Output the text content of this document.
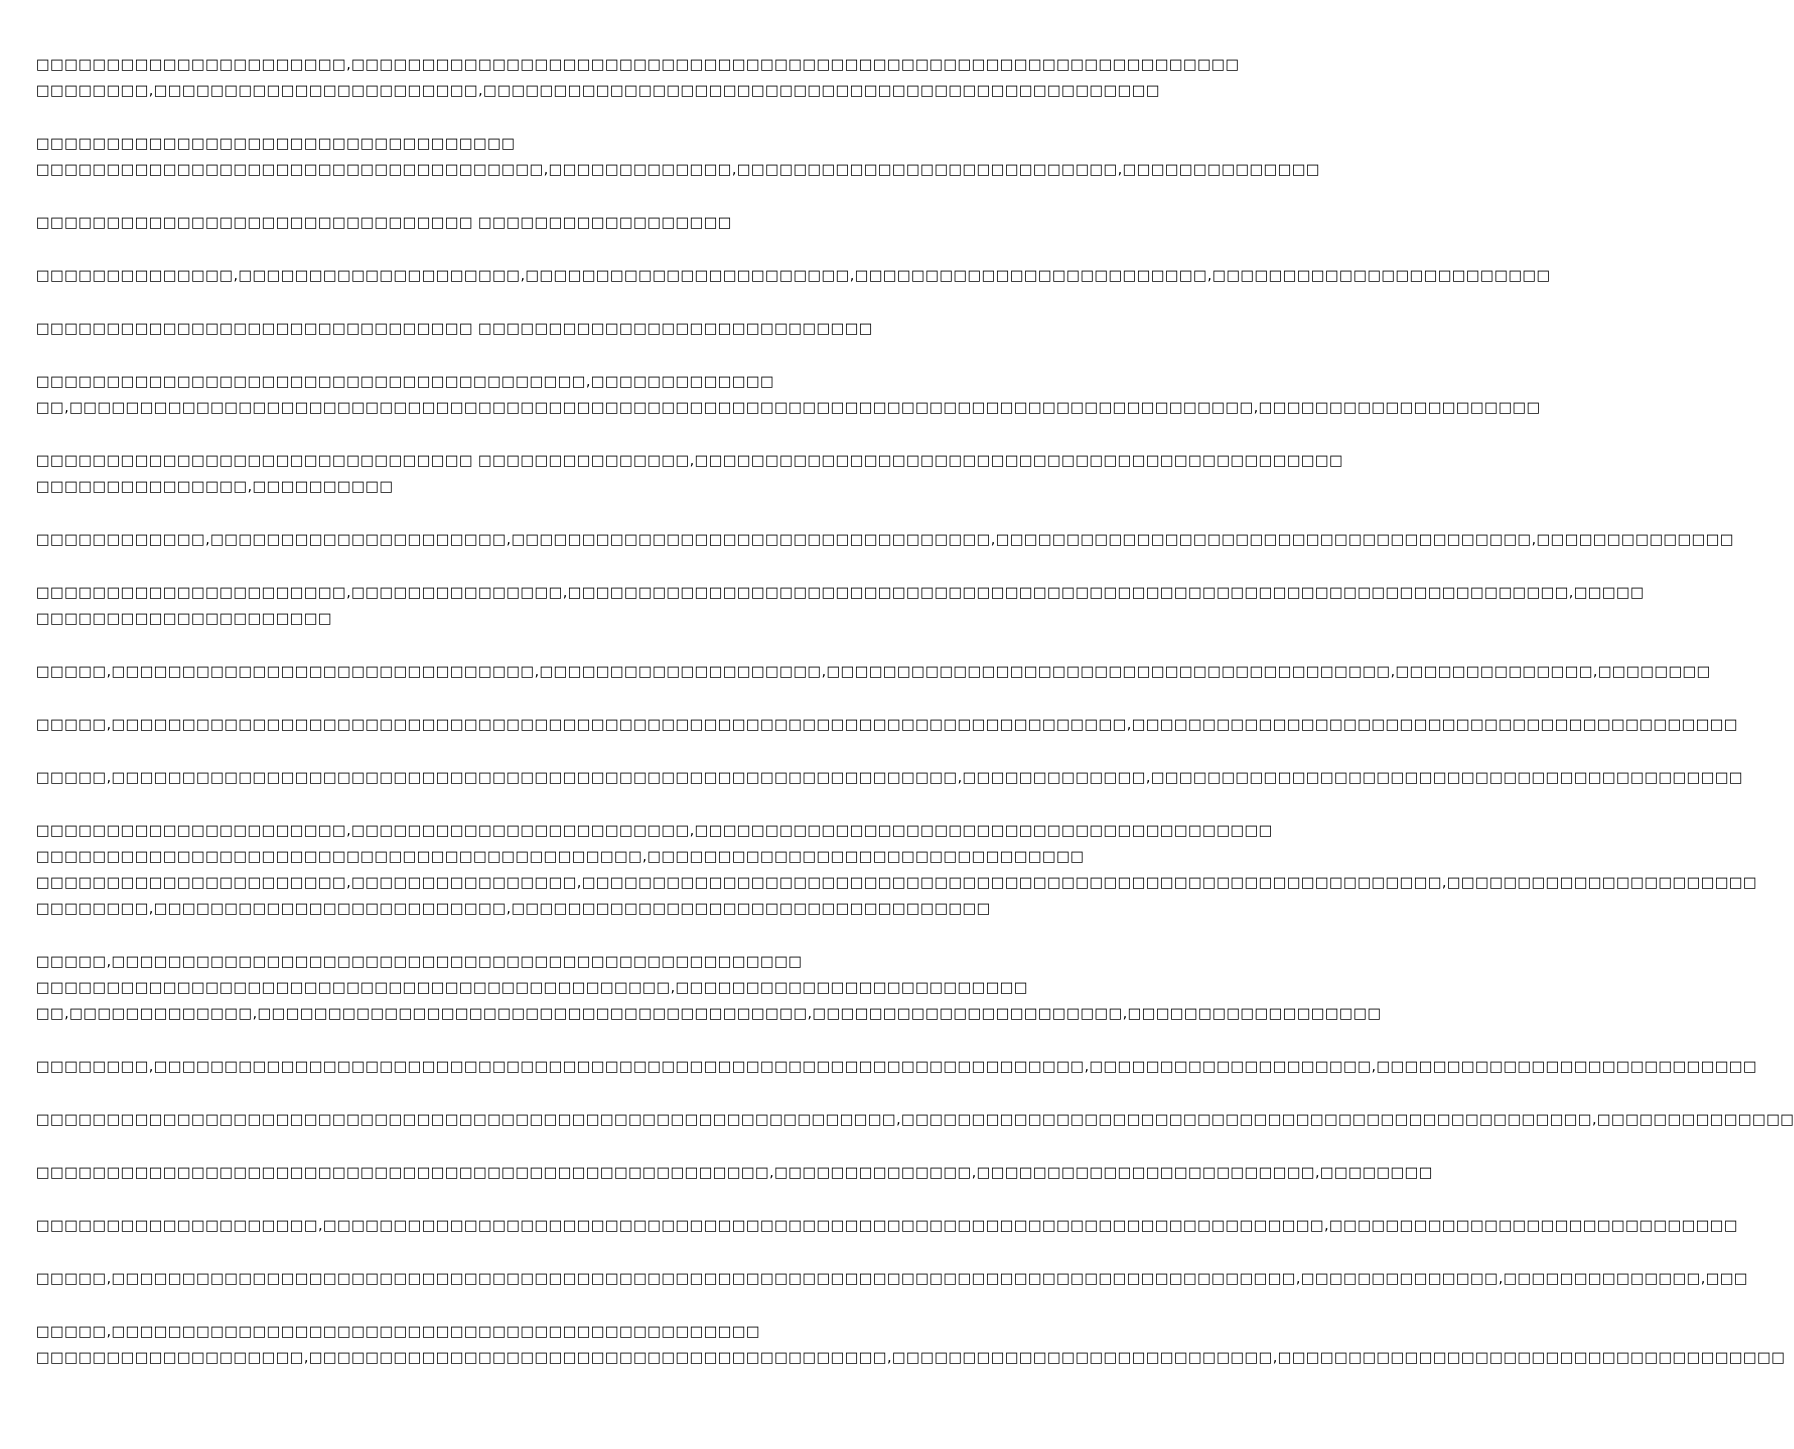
□□□□□□□□□□□□□□□□□□□□□□,□□□□□□□□□□□□□□□□□□□□□□□□□□□□□□□□□□□□□□□□□□□□□□□□□□□□□□□□□□□□□□□
□□□□□□□□,□□□□□□□□□□□□□□□□□□□□□□□,□□□□□□□□□□□□□□□□□□□□□□□□□□□□□□□□□□□□□□□□□□□□□□□□
□□□□□□□□□□□□□□□□□□□□□□□□□□□□□□□□□□
□□□□□□□□□□□□□□□□□□□□□□□□□□□□□□□□□□□□,□□□□□□□□□□□□□,□□□□□□□□□□□□□□□□□□□□□□□□□□□,□□□□□□□□□□□□□□
□□□□□□□□□□□□□□□□□□□□□□□□□□□□□□□ □□□□□□□□□□□□□□□□□□
□□□□□□□□□□□□□□,□□□□□□□□□□□□□□□□□□□□,□□□□□□□□□□□□□□□□□□□□□□□,□□□□□□□□□□□□□□□□□□□□□□□□□,□□□□□□□□□□□□□□□□□□□□□□□□
□□□□□□□□□□□□□□□□□□□□□□□□□□□□□□□ □□□□□□□□□□□□□□□□□□□□□□□□□□□□
□□□□□□□□□□□□□□□□□□□□□□□□□□□□□□□□□□□□□□□,□□□□□□□□□□□□□
□□,□□□□□□□□□□□□□□□□□□□□□□□□□□□□□□□□□□□□□□□□□□□□□□□□□□□□□□□□□□□□□□□□□□□□□□□□□□□□□□□□□□□□,□□□□□□□□□□□□□□□□□□□□
□□□□□□□□□□□□□□□□□□□□□□□□□□□□□□□ □□□□□□□□□□□□□□□,□□□□□□□□□□□□□□□□□□□□□□□□□□□□□□□□□□□□□□□□□□□□□□
□□□□□□□□□□□□□□□,□□□□□□□□□□
□□□□□□□□□□□□,□□□□□□□□□□□□□□□□□□□□□,□□□□□□□□□□□□□□□□□□□□□□□□□□□□□□□□□□,□□□□□□□□□□□□□□□□□□□□□□□□□□□□□□□□□□□□□□,□□□□□□□□□□□□□□
□□□□□□□□□□□□□□□□□□□□□□,□□□□□□□□□□□□□□□,□□□□□□□□□□□□□□□□□□□□□□□□□□□□□□□□□□□□□□□□□□□□□□□□□□□□□□□□□□□□□□□□□□□□□□□,□□□□□
□□□□□□□□□□□□□□□□□□□□□
□□□□□,□□□□□□□□□□□□□□□□□□□□□□□□□□□□□□,□□□□□□□□□□□□□□□□□□□□,□□□□□□□□□□□□□□□□□□□□□□□□□□□□□□□□□□□□□□□□,□□□□□□□□□□□□□□,□□□□□□□□
□□□□□,□□□□□□□□□□□□□□□□□□□□□□□□□□□□□□□□□□□□□□□□□□□□□□□□□□□□□□□□□□□□□□□□□□□□□□□□,□□□□□□□□□□□□□□□□□□□□□□□□□□□□□□□□□□□□□□□□□□□
□□□□□,□□□□□□□□□□□□□□□□□□□□□□□□□□□□□□□□□□□□□□□□□□□□□□□□□□□□□□□□□□□□,□□□□□□□□□□□□□,□□□□□□□□□□□□□□□□□□□□□□□□□□□□□□□□□□□□□□□□□□
□□□□□□□□□□□□□□□□□□□□□□,□□□□□□□□□□□□□□□□□□□□□□□□,□□□□□□□□□□□□□□□□□□□□□□□□□□□□□□□□□□□□□□□□□
□□□□□□□□□□□□□□□□□□□□□□□□□□□□□□□□□□□□□□□□□□□,□□□□□□□□□□□□□□□□□□□□□□□□□□□□□□□
□□□□□□□□□□□□□□□□□□□□□□,□□□□□□□□□□□□□□□□,□□□□□□□□□□□□□□□□□□□□□□□□□□□□□□□□□□□□□□□□□□□□□□□□□□□□□□□□□□□□□,□□□□□□□□□□□□□□□□□□□□□□
□□□□□□□□,□□□□□□□□□□□□□□□□□□□□□□□□□,□□□□□□□□□□□□□□□□□□□□□□□□□□□□□□□□□□
□□□□□,□□□□□□□□□□□□□□□□□□□□□□□□□□□□□□□□□□□□□□□□□□□□□□□□□
□□□□□□□□□□□□□□□□□□□□□□□□□□□□□□□□□□□□□□□□□□□□□,□□□□□□□□□□□□□□□□□□□□□□□□□
□□,□□□□□□□□□□□□□,□□□□□□□□□□□□□□□□□□□□□□□□□□□□□□□□□□□□□□□,□□□□□□□□□□□□□□□□□□□□□□,□□□□□□□□□□□□□□□□□□
□□□□□□□□,□□□□□□□□□□□□□□□□□□□□□□□□□□□□□□□□□□□□□□□□□□□□□□□□□□□□□□□□□□□□□□□□□□,□□□□□□□□□□□□□□□□□□□□,□□□□□□□□□□□□□□□□□□□□□□□□□□□
□□□□□□□□□□□□□□□□□□□□□□□□□□□□□□□□□□□□□□□□□□□□□□□□□□□□□□□□□□□□□,□□□□□□□□□□□□□□□□□□□□□□□□□□□□□□□□□□□□□□□□□□□□□□□□□,□□□□□□□□□□□□□□
□□□□□□□□□□□□□□□□□□□□□□□□□□□□□□□□□□□□□□□□□□□□□□□□□□□□,□□□□□□□□□□□□□□,□□□□□□□□□□□□□□□□□□□□□□□□,□□□□□□□□
□□□□□□□□□□□□□□□□□□□□,□□□□□□□□□□□□□□□□□□□□□□□□□□□□□□□□□□□□□□□□□□□□□□□□□□□□□□□□□□□□□□□□□□□□□□□,□□□□□□□□□□□□□□□□□□□□□□□□□□□□□
□□□□□,□□□□□□□□□□□□□□□□□□□□□□□□□□□□□□□□□□□□□□□□□□□□□□□□□□□□□□□□□□□□□□□□□□□□□□□□□□□□□□□□□□□□,□□□□□□□□□□□□□□,□□□□□□□□□□□□□□,□□□
□□□□□,□□□□□□□□□□□□□□□□□□□□□□□□□□□□□□□□□□□□□□□□□□□□□□
□□□□□□□□□□□□□□□□□□□,□□□□□□□□□□□□□□□□□□□□□□□□□□□□□□□□□□□□□□□□□,□□□□□□□□□□□□□□□□□□□□□□□□□□□,□□□□□□□□□□□□□□□□□□□□□□□□□□□□□□□□□□□□
